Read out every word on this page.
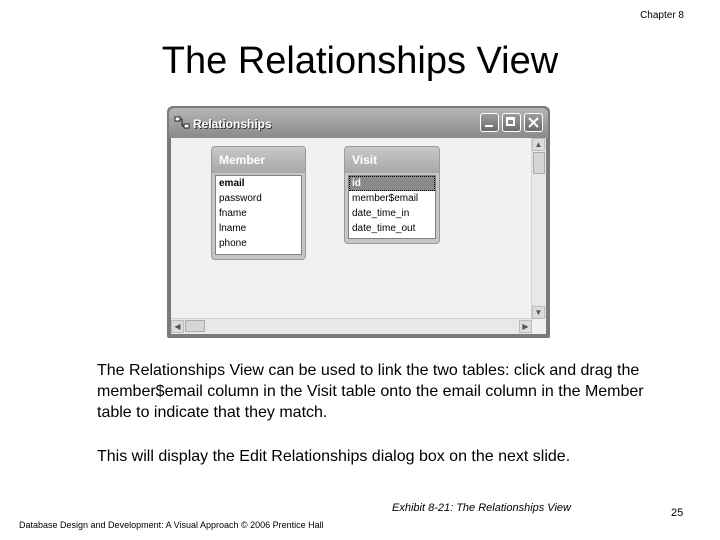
Chapter 8
The Relationships View
Relationships
Member
email
password
fname
lname
phone
Visit
id
member$email
date_time_in
date_time_out
▲
▼
◀	▶
The Relationships View can be used to link the two tables: click and drag the member$email column in the Visit table onto the email column in the Member table to indicate that they match.
This will display the Edit Relationships dialog box on the next slide.
Exhibit 8-21: The Relationships View
Database Design and Development: A Visual Approach © 2006 Prentice Hall
25
